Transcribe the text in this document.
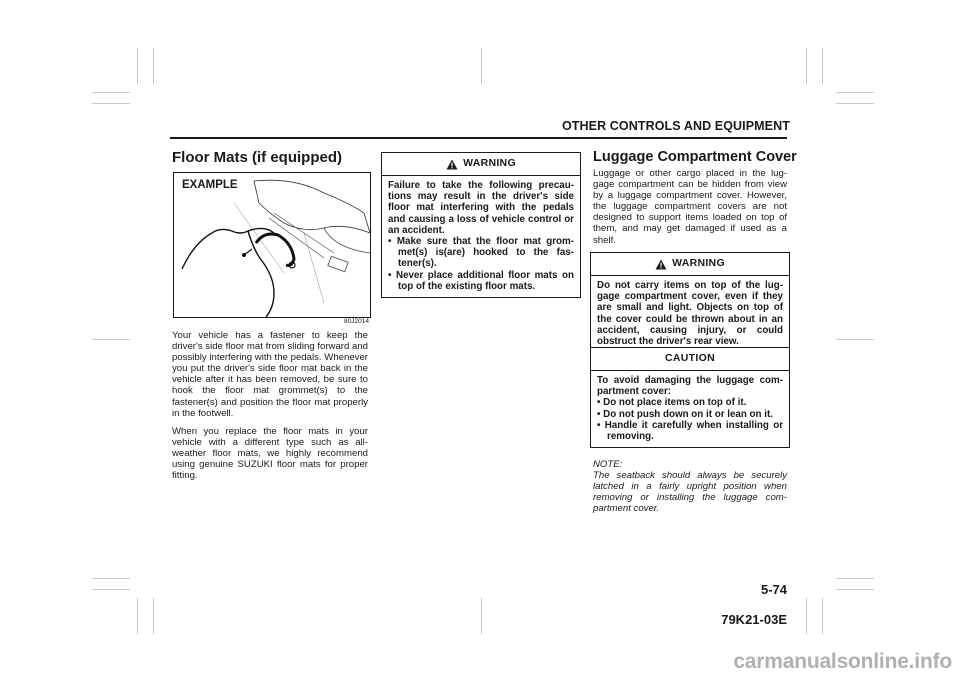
OTHER CONTROLS AND EQUIPMENT
Floor Mats (if equipped)
EXAMPLE
80J2014

Your vehicle has a fastener to keep the driver's side floor mat from sliding forward and possibly interfering with the pedals. Whenever you put the driver's side floor mat back in the vehicle after it has been removed, be sure to hook the floor mat grommet(s) to the fastener(s) and position the floor mat properly in the footwell.

When you replace the floor mats in your vehicle with a different type such as all-weather floor mats, we highly recommend using genuine SUZUKI floor mats for proper fitting.

WARNING
Failure to take the following precau-tions may result in the driver's side floor mat interfering with the pedals and causing a loss of vehicle control or an accident.
• Make sure that the floor mat grom-met(s) is(are) hooked to the fas-tener(s).
• Never place additional floor mats on top of the existing floor mats.
Luggage Compartment Cover
Luggage or other cargo placed in the lug-gage compartment can be hidden from view by a luggage compartment cover. However, the luggage compartment covers are not designed to support items loaded on top of them, and may get damaged if used as a shelf.
WARNING
Do not carry items on top of the lug-gage compartment cover, even if they are small and light. Objects on top of the cover could be thrown about in an accident, causing injury, or could obstruct the driver's rear view.
CAUTION
To avoid damaging the luggage com-partment cover:
• Do not place items on top of it.
• Do not push down on it or lean on it.
• Handle it carefully when installing or removing.
NOTE:
The seatback should always be securely latched in a fairly upright position when removing or installing the luggage com-partment cover.
5-74
79K21-03E
carmanualsonline.info
